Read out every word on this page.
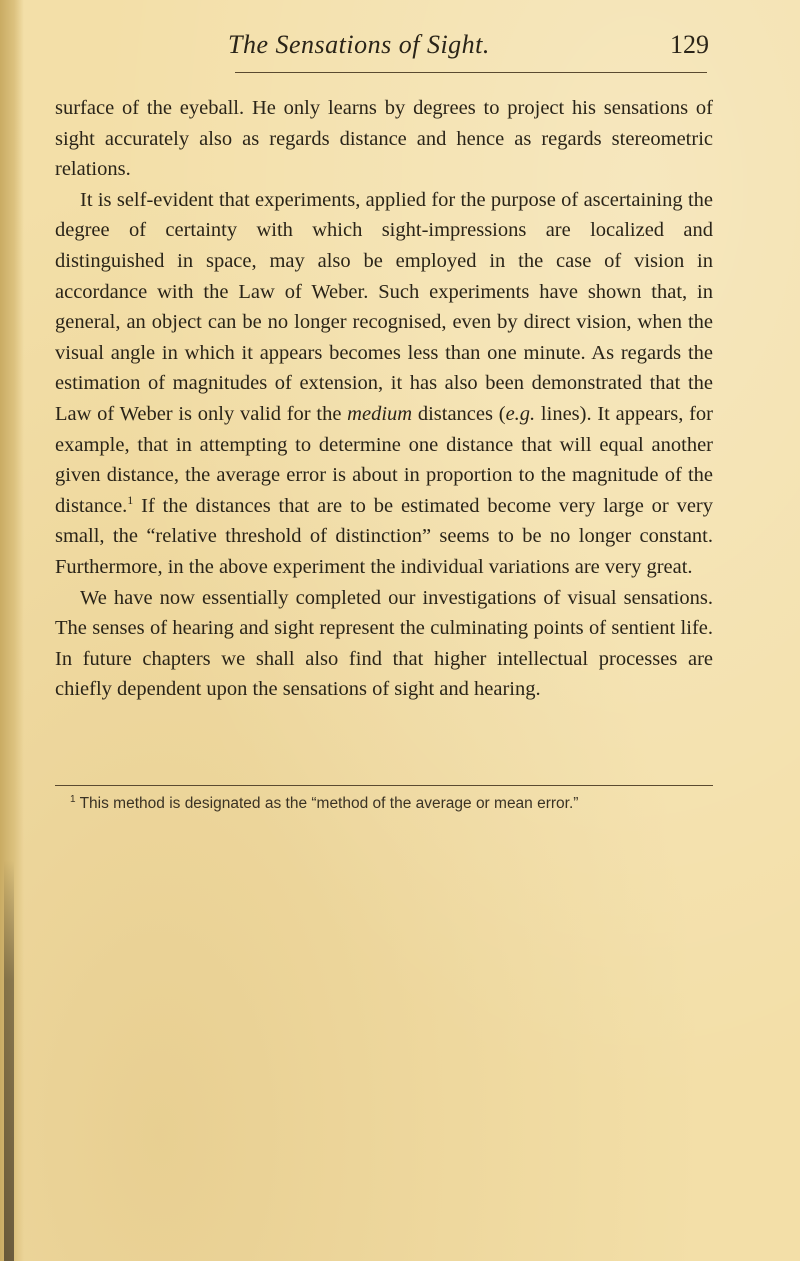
The Sensations of Sight.	129

surface of the eyeball. He only learns by degrees to project his sensations of sight accurately also as regards distance and hence as regards stereometric relations.

It is self-evident that experiments, applied for the purpose of ascertaining the degree of certainty with which sight-impressions are localized and distinguished in space, may also be employed in the case of vision in accordance with the Law of Weber. Such experiments have shown that, in general, an object can be no longer recognised, even by direct vision, when the visual angle in which it appears becomes less than one minute. As regards the estimation of magnitudes of extension, it has also been demonstrated that the Law of Weber is only valid for the medium distances (e.g. lines). It appears, for example, that in attempting to determine one distance that will equal another given distance, the average error is about in proportion to the magnitude of the distance.$^1$ If the distances that are to be estimated become very large or very small, the “relative threshold of distinction” seems to be no longer constant. Furthermore, in the above experiment the individual variations are very great.

We have now essentially completed our investigations of visual sensations. The senses of hearing and sight represent the culminating points of sentient life. In future chapters we shall also find that higher intellectual processes are chiefly dependent upon the sensations of sight and hearing.

$^1$ This method is designated as the “method of the average or mean error.”
